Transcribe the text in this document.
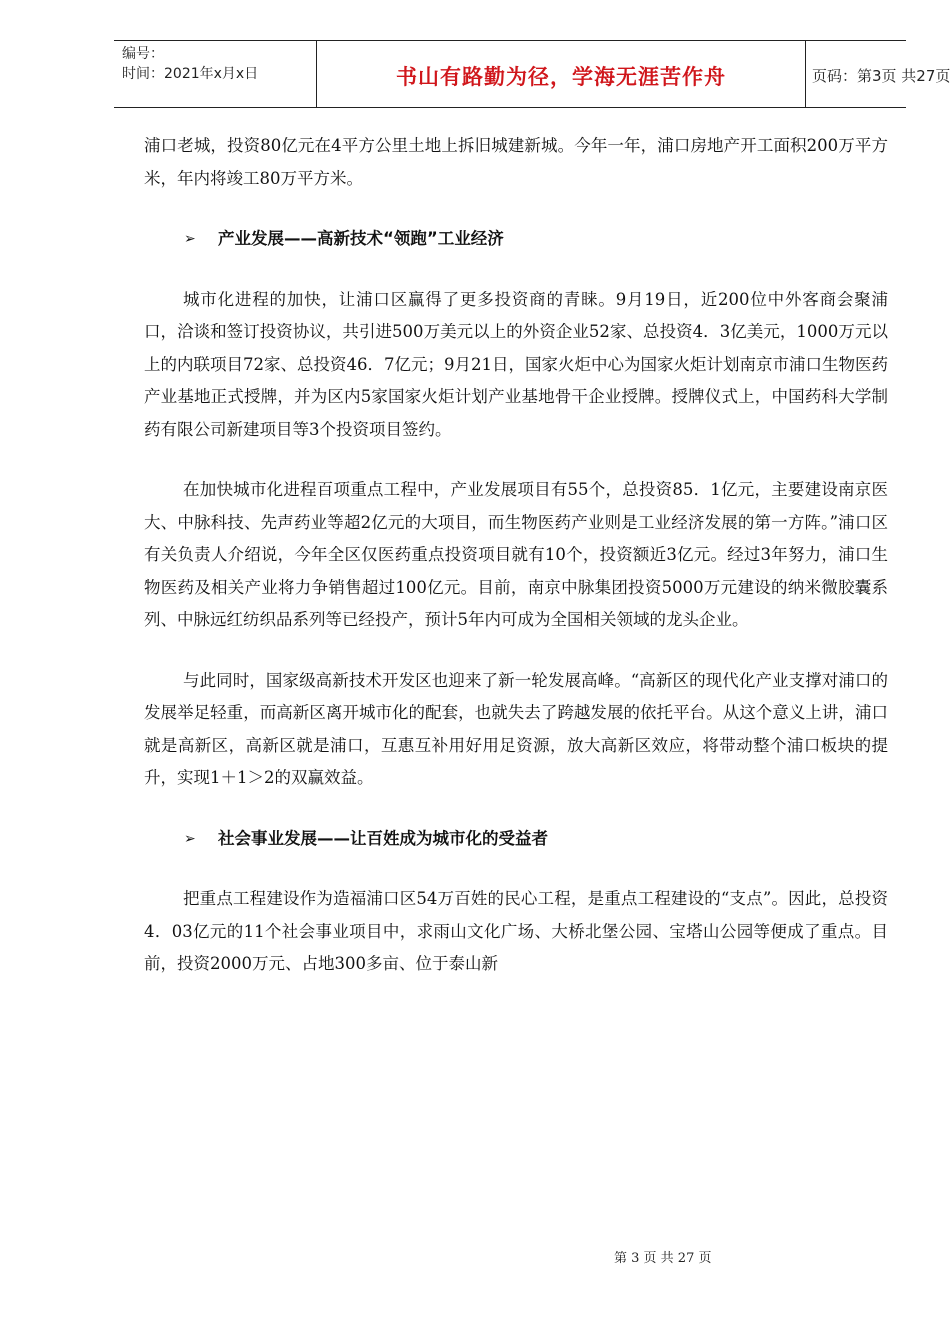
编号：
时间：2021年x月x日	书山有路勤为径，学海无涯苦作舟	页码：第3页 共27页

浦口老城，投资80亿元在4平方公里土地上拆旧城建新城。今年一年，浦口房地产开工面积200万平方米，年内将竣工80万平方米。

➢ 产业发展——高新技术“领跑”工业经济

城市化进程的加快，让浦口区赢得了更多投资商的青睐。9月19日，近200位中外客商会聚浦口，洽谈和签订投资协议，共引进500万美元以上的外资企业52家、总投资4．3亿美元，1000万元以上的内联项目72家、总投资46．7亿元；9月21日，国家火炬中心为国家火炬计划南京市浦口生物医药产业基地正式授牌，并为区内5家国家火炬计划产业基地骨干企业授牌。授牌仪式上，中国药科大学制药有限公司新建项目等3个投资项目签约。

在加快城市化进程百项重点工程中，产业发展项目有55个，总投资85．1亿元，主要建设南京医大、中脉科技、先声药业等超2亿元的大项目，而生物医药产业则是工业经济发展的第一方阵。”浦口区有关负责人介绍说，今年全区仅医药重点投资项目就有10个，投资额近3亿元。经过3年努力，浦口生物医药及相关产业将力争销售超过100亿元。目前，南京中脉集团投资5000万元建设的纳米微胶囊系列、中脉远红纺织品系列等已经投产，预计5年内可成为全国相关领域的龙头企业。

与此同时，国家级高新技术开发区也迎来了新一轮发展高峰。“高新区的现代化产业支撑对浦口的发展举足轻重，而高新区离开城市化的配套，也就失去了跨越发展的依托平台。从这个意义上讲，浦口就是高新区，高新区就是浦口，互惠互补用好用足资源，放大高新区效应，将带动整个浦口板块的提升，实现1＋1＞2的双赢效益。

➢ 社会事业发展——让百姓成为城市化的受益者

把重点工程建设作为造福浦口区54万百姓的民心工程，是重点工程建设的“支点”。因此，总投资4．03亿元的11个社会事业项目中，求雨山文化广场、大桥北堡公园、宝塔山公园等便成了重点。目前，投资2000万元、占地300多亩、位于泰山新

第 3 页 共 27 页
